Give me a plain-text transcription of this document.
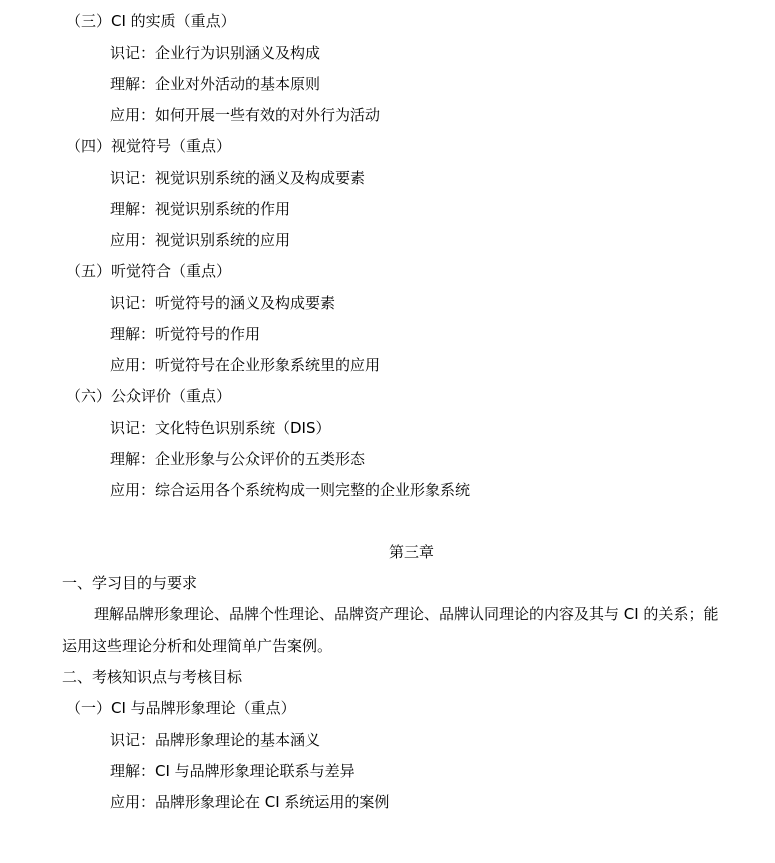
（三）CI 的实质（重点）
识记：企业行为识别涵义及构成
理解：企业对外活动的基本原则
应用：如何开展一些有效的对外行为活动
（四）视觉符号（重点）
识记：视觉识别系统的涵义及构成要素
理解：视觉识别系统的作用
应用：视觉识别系统的应用
（五）听觉符合（重点）
识记：听觉符号的涵义及构成要素
理解：听觉符号的作用
应用：听觉符号在企业形象系统里的应用
（六）公众评价（重点）
识记：文化特色识别系统（DIS）
理解：企业形象与公众评价的五类形态
应用：综合运用各个系统构成一则完整的企业形象系统
第三章
一、学习目的与要求
理解品牌形象理论、品牌个性理论、品牌资产理论、品牌认同理论的内容及其与 CI 的关系；能
运用这些理论分析和处理简单广告案例。
二、考核知识点与考核目标
（一）CI 与品牌形象理论（重点）
识记：品牌形象理论的基本涵义
理解：CI 与品牌形象理论联系与差异
应用：品牌形象理论在 CI 系统运用的案例
